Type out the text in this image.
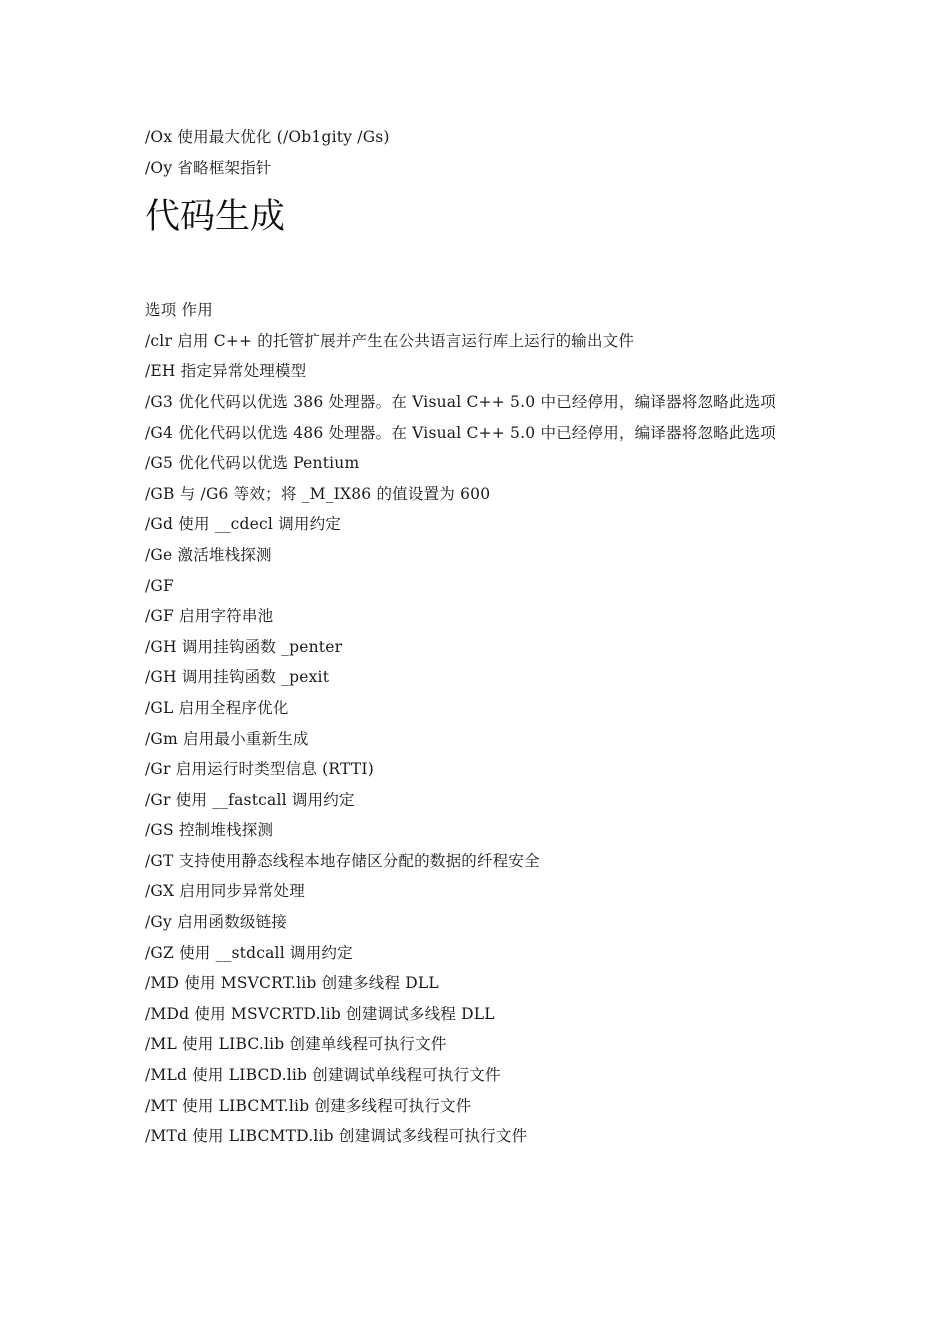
/Ox 使用最大优化 (/Ob1gity /Gs)
/Oy 省略框架指针
代码生成
选项 作用
/clr 启用 C++ 的托管扩展并产生在公共语言运行库上运行的输出文件
/EH 指定异常处理模型
/G3 优化代码以优选 386 处理器。在 Visual C++ 5.0 中已经停用，编译器将忽略此选项
/G4 优化代码以优选 486 处理器。在 Visual C++ 5.0 中已经停用，编译器将忽略此选项
/G5 优化代码以优选 Pentium
/GB 与 /G6 等效；将 _M_IX86 的值设置为 600
/Gd 使用 __cdecl 调用约定
/Ge 激活堆栈探测
/GF
/GF 启用字符串池
/GH 调用挂钩函数 _penter
/GH 调用挂钩函数 _pexit
/GL 启用全程序优化
/Gm 启用最小重新生成
/Gr 启用运行时类型信息 (RTTI)
/Gr 使用 __fastcall 调用约定
/GS 控制堆栈探测
/GT 支持使用静态线程本地存储区分配的数据的纤程安全
/GX 启用同步异常处理
/Gy 启用函数级链接
/GZ 使用 __stdcall 调用约定
/MD 使用 MSVCRT.lib 创建多线程 DLL
/MDd 使用 MSVCRTD.lib 创建调试多线程 DLL
/ML 使用 LIBC.lib 创建单线程可执行文件
/MLd 使用 LIBCD.lib 创建调试单线程可执行文件
/MT 使用 LIBCMT.lib 创建多线程可执行文件
/MTd 使用 LIBCMTD.lib 创建调试多线程可执行文件
